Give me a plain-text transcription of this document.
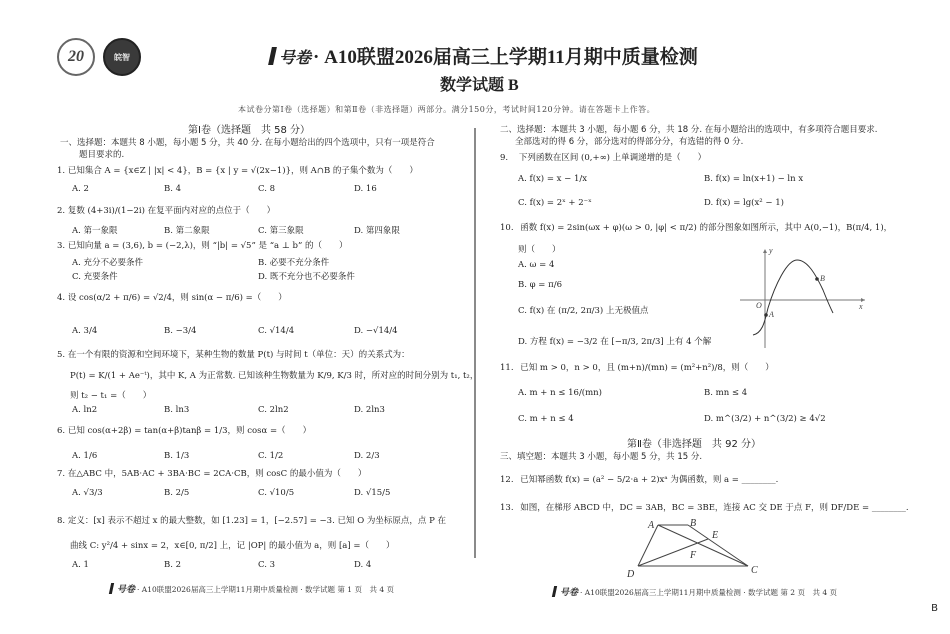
20	皖智	号卷 · A10联盟2026届高三上学期11月期中质量检测
数学试题 B
本试卷分第Ⅰ卷（选择题）和第Ⅱ卷（非选择题）两部分。满分150分，考试时间120分钟。请在答题卡上作答。
第Ⅰ卷（选择题　共 58 分）
一、选择题：本题共 8 小题，每小题 5 分，共 40 分. 在每小题给出的四个选项中，只有一项是符合
题目要求的.
1. 已知集合 A = {x∈Z | |x| < 4}，B = {x | y = √(2x−1)}，则 A∩B 的子集个数为（　　）
A. 2	B. 4	C. 8	D. 16
2. 复数 (4+3i)/(1−2i) 在复平面内对应的点位于（　　）
A. 第一象限	B. 第二象限	C. 第三象限	D. 第四象限
3. 已知向量 a = (3,6), b = (−2,λ)，则 “|b| = √5” 是 “a ⊥ b” 的（　　）
A. 充分不必要条件	B. 必要不充分条件
C. 充要条件	D. 既不充分也不必要条件
4. 设 cos(α/2 + π/6) = √2/4，则 sin(α − π/6) =（　　）
A. 3/4	B. −3/4	C. √14/4	D. −√14/4
5. 在一个有限的资源和空间环境下，某种生物的数量 P(t) 与时间 t（单位：天）的关系式为：
P(t) = K/(1 + Ae⁻ᵗ)，其中 K, A 为正常数. 已知该种生物数量为 K/9, K/3 时，所对应的时间分别为 t₁, t₂，
则 t₂ − t₁ =（　　）
A. ln2	B. ln3	C. 2ln2	D. 2ln3
6. 已知 cos(α+2β) = tan(α+β)tanβ = 1/3，则 cosα =（　　）
A. 1/6	B. 1/3	C. 1/2	D. 2/3
7. 在△ABC 中，5AB·AC + 3BA·BC = 2CA·CB，则 cosC 的最小值为（　　）
A. √3/3	B. 2/5	C. √10/5	D. √15/5
8. 定义：[x] 表示不超过 x 的最大整数，如 [1.23] = 1，[−2.57] = −3. 已知 O 为坐标原点，点 P 在
曲线 C: y²/4 + sinx = 2，x∈[0, π/2] 上，记 |OP| 的最小值为 a，则 [a] =（　　）
A. 1	B. 2	C. 3	D. 4
号卷 · A10联盟2026届高三上学期11月期中质量检测 · 数学试题 第 1 页　共 4 页
二、选择题：本题共 3 小题，每小题 6 分，共 18 分. 在每小题给出的选项中，有多项符合题目要求.
全部选对的得 6 分，部分选对的得部分分，有选错的得 0 分.
9. 下列函数在区间 (0,+∞) 上单调递增的是（　　）
A. f(x) = x − 1/x	B. f(x) = ln(x+1) − ln x
C. f(x) = 2ˣ + 2⁻ˣ	D. f(x) = lg(x² − 1)
10. 函数 f(x) = 2sin(ωx + φ)(ω > 0, |φ| < π/2) 的部分图象如图所示，其中 A(0,−1)，B(π/4, 1)，
则（　　）
A. ω = 4
B. φ = π/6
C. f(x) 在 (π/2, 2π/3) 上无极值点
D. 方程 f(x) = −3/2 在 [−π/3, 2π/3] 上有 4 个解
y
x
O
A
B
11. 已知 m > 0，n > 0，且 (m+n)/(mn) = (m²+n²)/8，则（　　）
A. m + n ≤ 16/(mn)	B. mn ≤ 4
C. m + n ≤ 4	D. m^(3/2) + n^(3/2) ≥ 4√2
第Ⅱ卷（非选择题　共 92 分）
三、填空题：本题共 3 小题，每小题 5 分，共 15 分.
12. 已知幂函数 f(x) = (a² − 5/2·a + 2)xᵃ 为偶函数，则 a = ________.
13. 如图，在梯形 ABCD 中，DC = 3AB，BC = 3BE，连接 AC 交 DE 于点 F，则 DF/DE = ________.
A	B
C
D
E
F
号卷 · A10联盟2026届高三上学期11月期中质量检测 · 数学试题 第 2 页　共 4 页
B
